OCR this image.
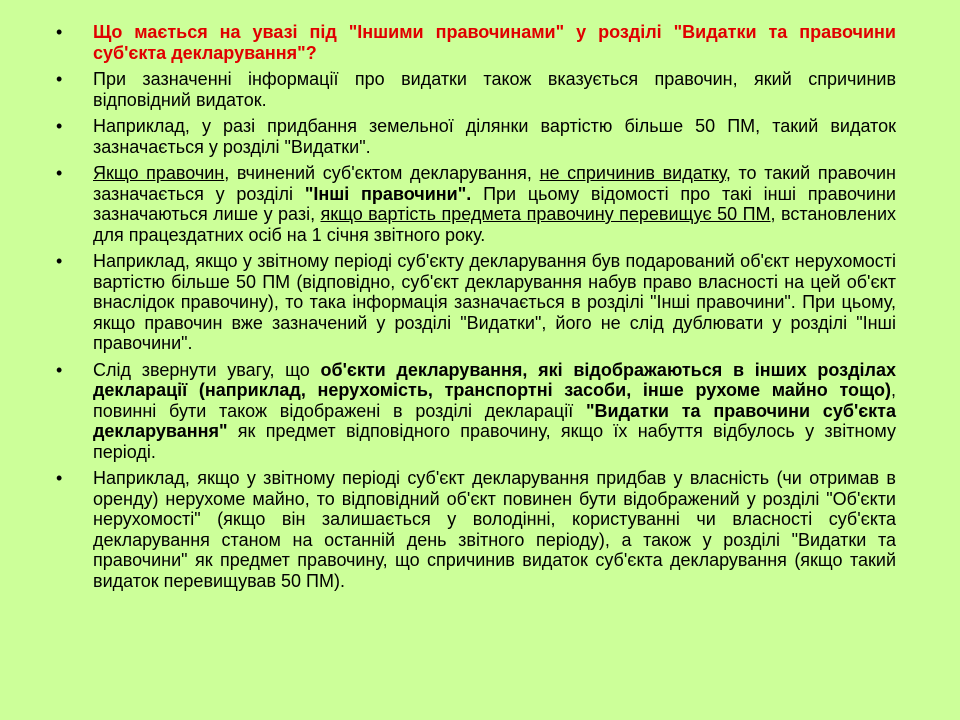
•	Що мається на увазі під "Іншими правочинами" у розділі "Видатки та правочини суб'єкта декларування"?
•	При зазначенні інформації про видатки також вказується правочин, який спричинив відповідний видаток.
•	Наприклад, у разі придбання земельної ділянки вартістю більше 50 ПМ, такий видаток зазначається у розділі "Видатки".
•	Якщо правочин, вчинений суб'єктом декларування, не спричинив видатку, то такий правочин зазначається у розділі "Інші правочини". При цьому відомості про такі інші правочини зазначаються лише у разі, якщо вартість предмета правочину перевищує 50 ПМ, встановлених для працездатних осіб на 1 січня звітного року.
•	Наприклад, якщо у звітному періоді суб'єкту декларування був подарований об'єкт нерухомості вартістю більше 50 ПМ (відповідно, суб'єкт декларування набув право власності на цей об'єкт внаслідок правочину), то така інформація зазначається в розділі "Інші правочини". При цьому, якщо правочин вже зазначений у розділі "Видатки", його не слід дублювати у розділі "Інші правочини".
•	Слід звернути увагу, що об'єкти декларування, які відображаються в інших розділах декларації (наприклад, нерухомість, транспортні засоби, інше рухоме майно тощо), повинні бути також відображені в розділі декларації "Видатки та правочини суб'єкта декларування" як предмет відповідного правочину, якщо їх набуття відбулось у звітному періоді.
•	Наприклад, якщо у звітному періоді суб'єкт декларування придбав у власність (чи отримав в оренду) нерухоме майно, то відповідний об'єкт повинен бути відображений у розділі "Об'єкти нерухомості" (якщо він залишається у володінні, користуванні чи власності суб'єкта декларування станом на останній день звітного періоду), а також у розділі "Видатки та правочини" як предмет правочину, що спричинив видаток суб'єкта декларування (якщо такий видаток перевищував 50 ПМ).
